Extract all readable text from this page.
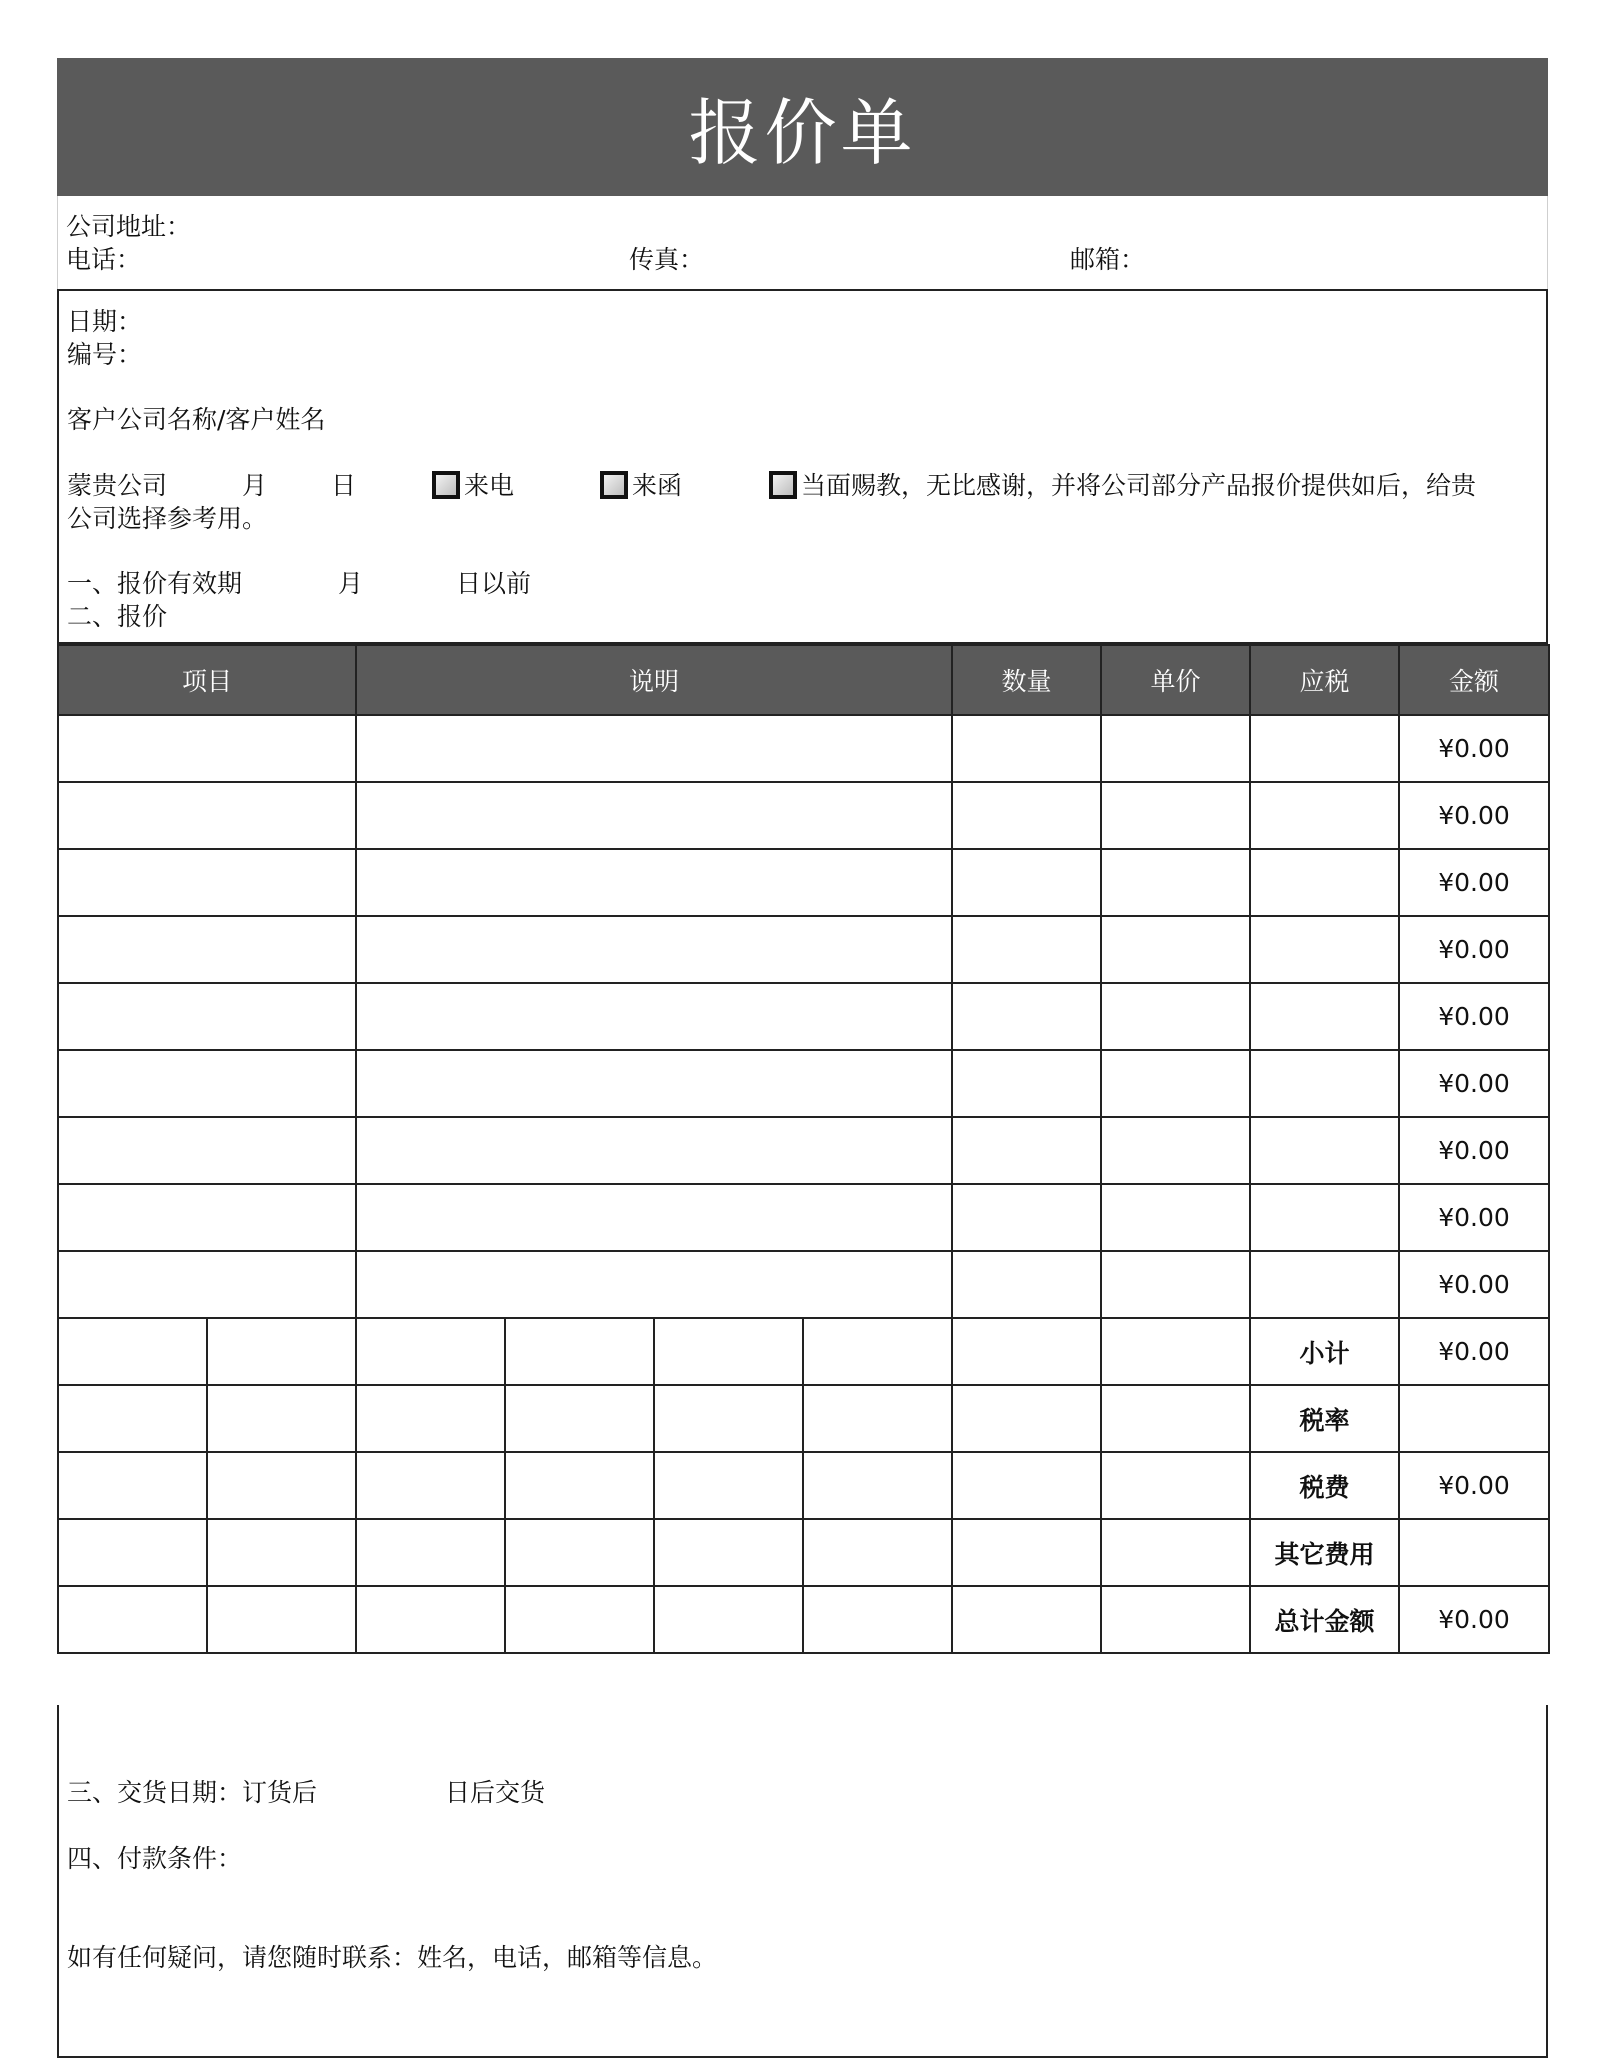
报价单
公司地址：
电话：	传真：	邮箱：
日期：
编号：
客户公司名称/客户姓名
蒙贵公司	月	日	来电	来函	当面赐教，无比感谢，并将公司部分产品报价提供如后，给贵
公司选择参考用。
一、报价有效期	月	日以前
二、报价
项目		说明				数量	单价	应税	金额
									¥0.00
									¥0.00
									¥0.00
									¥0.00
									¥0.00
									¥0.00
									¥0.00
									¥0.00
									¥0.00
								小计	¥0.00
								税率	
								税费	¥0.00
								其它费用	
								总计金额	¥0.00
三、交货日期：订货后	日后交货
四、付款条件：
如有任何疑问，请您随时联系：姓名，电话，邮箱等信息。
